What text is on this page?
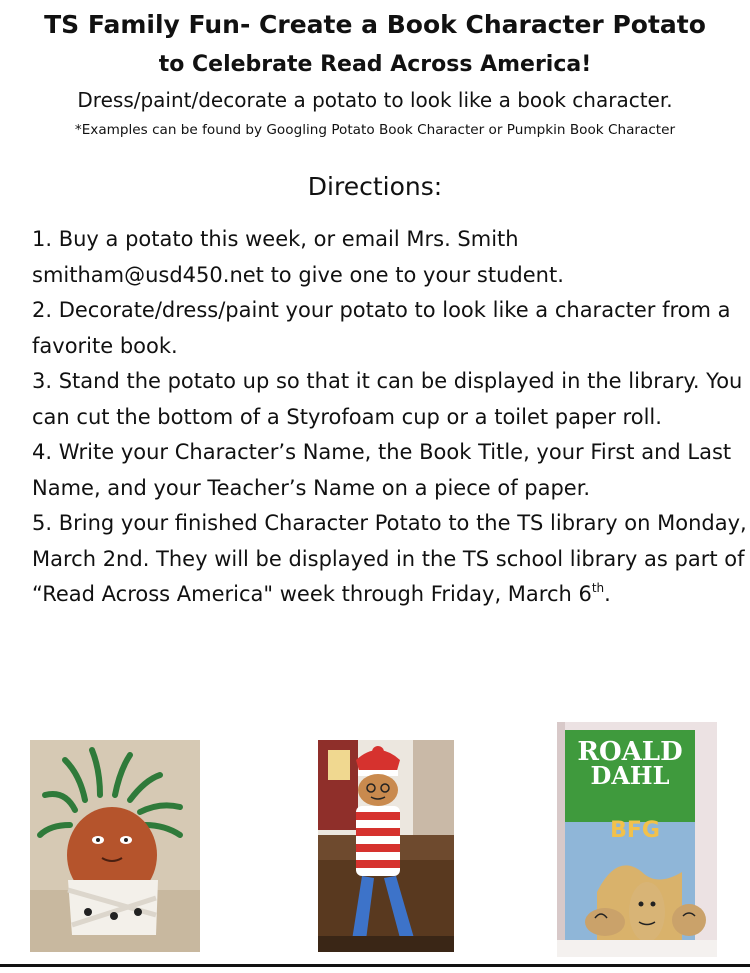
TS Family Fun- Create a Book Character Potato
to Celebrate Read Across America!
Dress/paint/decorate a potato to look like a book character.
*Examples can be found by Googling Potato Book Character or Pumpkin Book Character
Directions:

1. Buy a potato this week, or email Mrs. Smith smitham@usd450.net to give one to your student.

2. Decorate/dress/paint your potato to look like a character from a favorite book.

3. Stand the potato up so that it can be displayed in the library. You can cut the bottom of a Styrofoam cup or a toilet paper roll.

4. Write your Character’s Name, the Book Title, your First and Last Name, and your Teacher’s Name on a piece of paper.

5. Bring your finished Character Potato to the TS library on Monday, March 2nd. They will be displayed in the TS school library as part of “Read Across America" week through Friday, March 6th.

ROALD
DAHL
BFG
